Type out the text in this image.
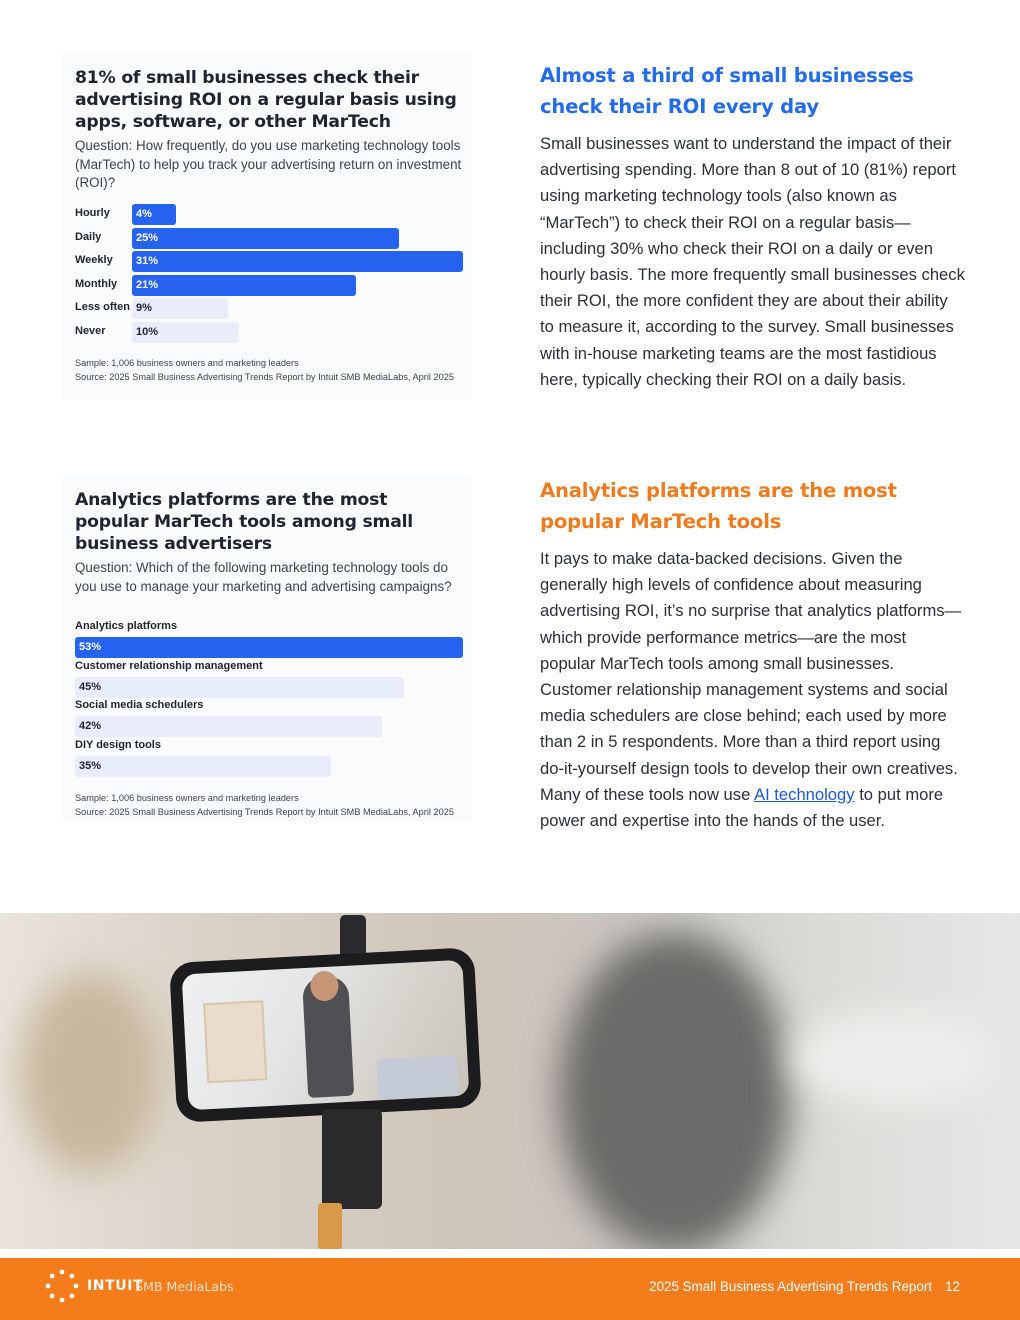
81% of small businesses check their advertising ROI on a regular basis using apps, software, or other MarTech
Question: How frequently, do you use marketing technology tools (MarTech) to help you track your advertising return on investment (ROI)?
Hourly 4%
Daily	25%
Weekly 31%
Monthly 21%
Less often 9%
Never	10%
Sample: 1,006 business owners and marketing leaders
Source: 2025 Small Business Advertising Trends Report by Intuit SMB MediaLabs, April 2025
Analytics platforms are the most popular MarTech tools among small business advertisers
Question: Which of the following marketing technology tools do you use to manage your marketing and advertising campaigns?
Analytics platforms
53%
Customer relationship management
45%
Social media schedulers
42%
DIY design tools
35%
Sample: 1,006 business owners and marketing leaders
Source: 2025 Small Business Advertising Trends Report by Intuit SMB MediaLabs, April 2025
Almost a third of small businesses check their ROI every day

Small businesses want to understand the impact of their advertising spending. More than 8 out of 10 (81%) report using marketing technology tools (also known as “MarTech”) to check their ROI on a regular basis—including 30% who check their ROI on a daily or even hourly basis. The more frequently small businesses check their ROI, the more confident they are about their ability to measure it, according to the survey. Small businesses with in-house marketing teams are the most fastidious here, typically checking their ROI on a daily basis.

Analytics platforms are the most popular MarTech tools

It pays to make data-backed decisions. Given the generally high levels of confidence about measuring advertising ROI, it’s no surprise that analytics platforms—which provide performance metrics—are the most popular MarTech tools among small businesses. Customer relationship management systems and social media schedulers are close behind; each used by more than 2 in 5 respondents. More than a third report using do-it-yourself design tools to develop their own creatives. Many of these tools now use AI technology to put more power and expertise into the hands of the user.

INTUIT
SMB MediaLabs	2025 Small Business Advertising Trends Report 12
